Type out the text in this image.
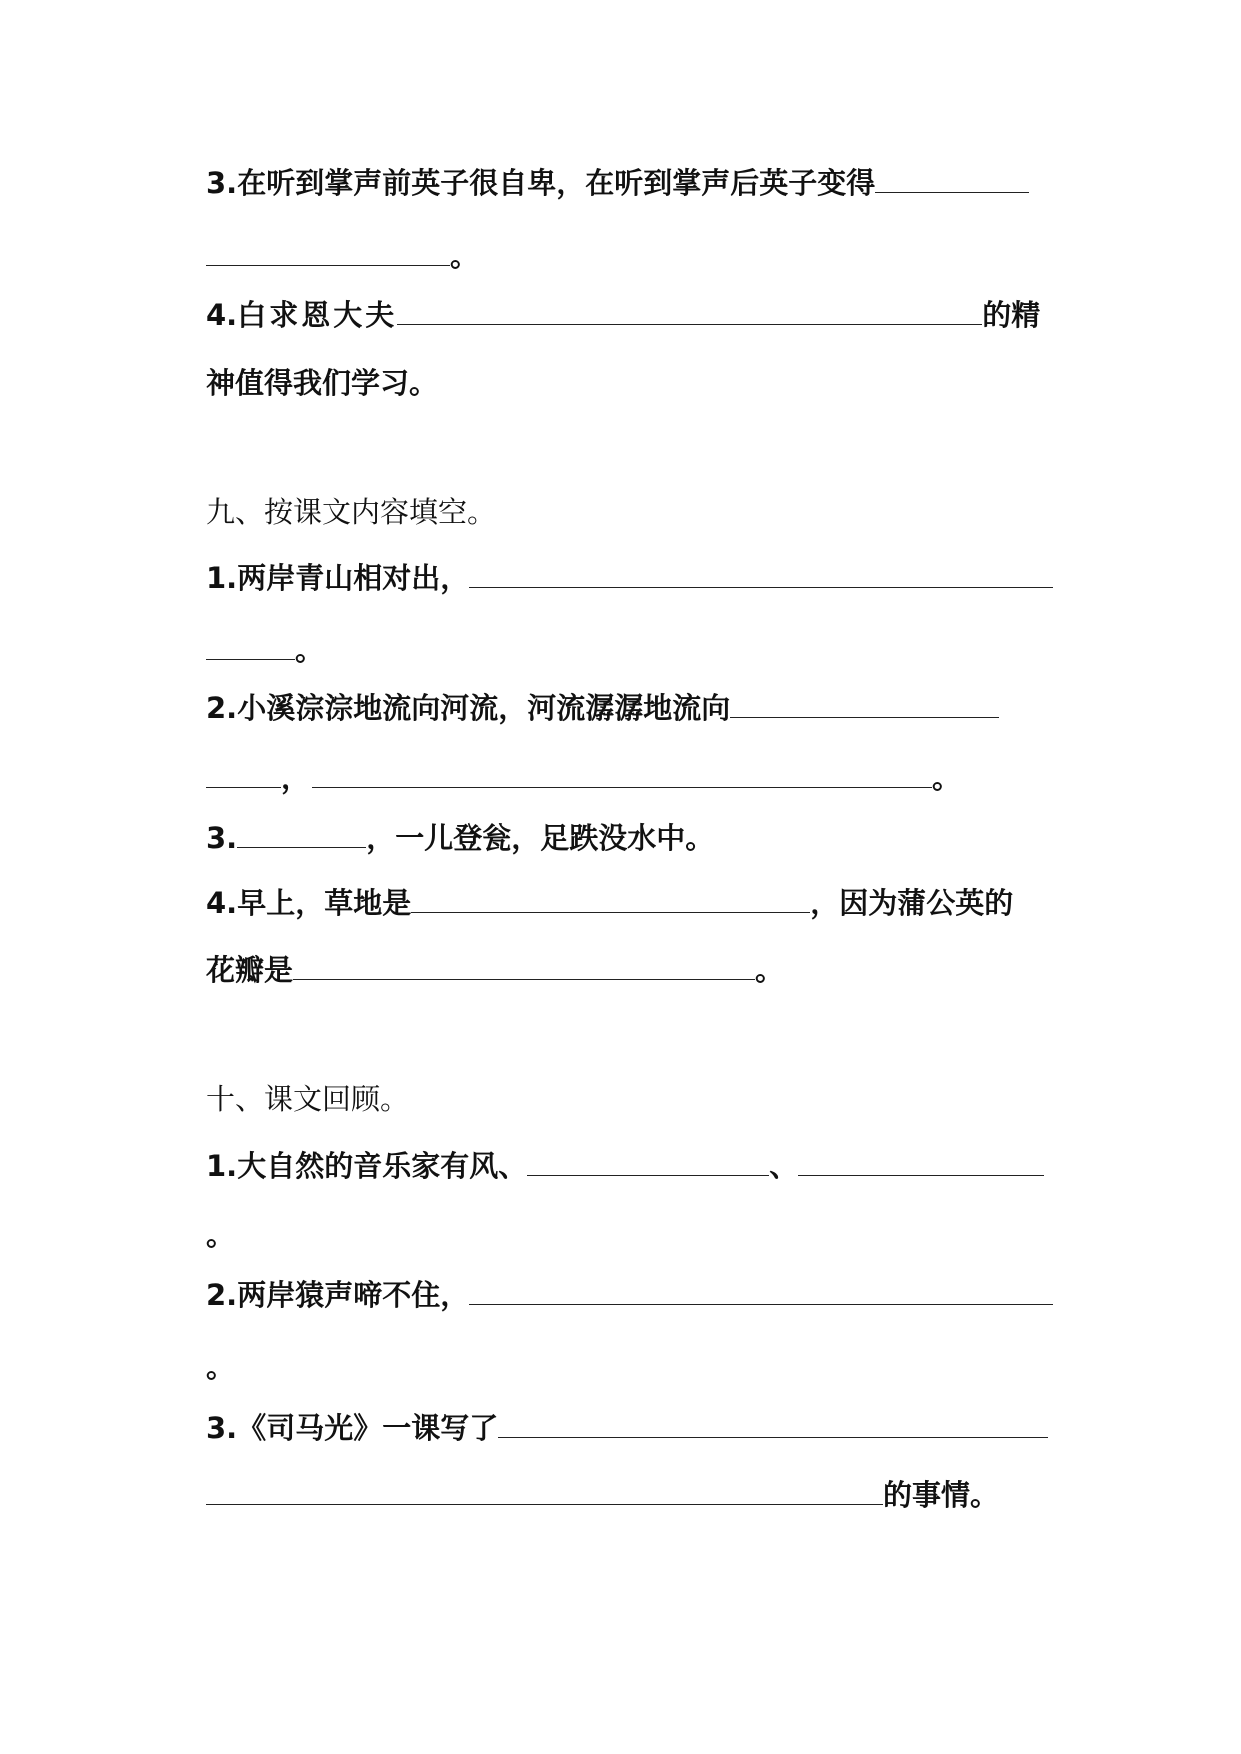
3.在听到掌声前英子很自卑，在听到掌声后英子变得
。
4.白求恩大夫	的精
神值得我们学习。
九、按课文内容填空。
1.两岸青山相对出，
。
2.小溪淙淙地流向河流，河流潺潺地流向
，	。
3.	，一儿登瓮，足跌没水中。
4.早上，草地是	，因为蒲公英的
花瓣是	。
十、课文回顾。
1.大自然的音乐家有风、	、
。
2.两岸猿声啼不住，
。
3.《司马光》一课写了
的事情。
